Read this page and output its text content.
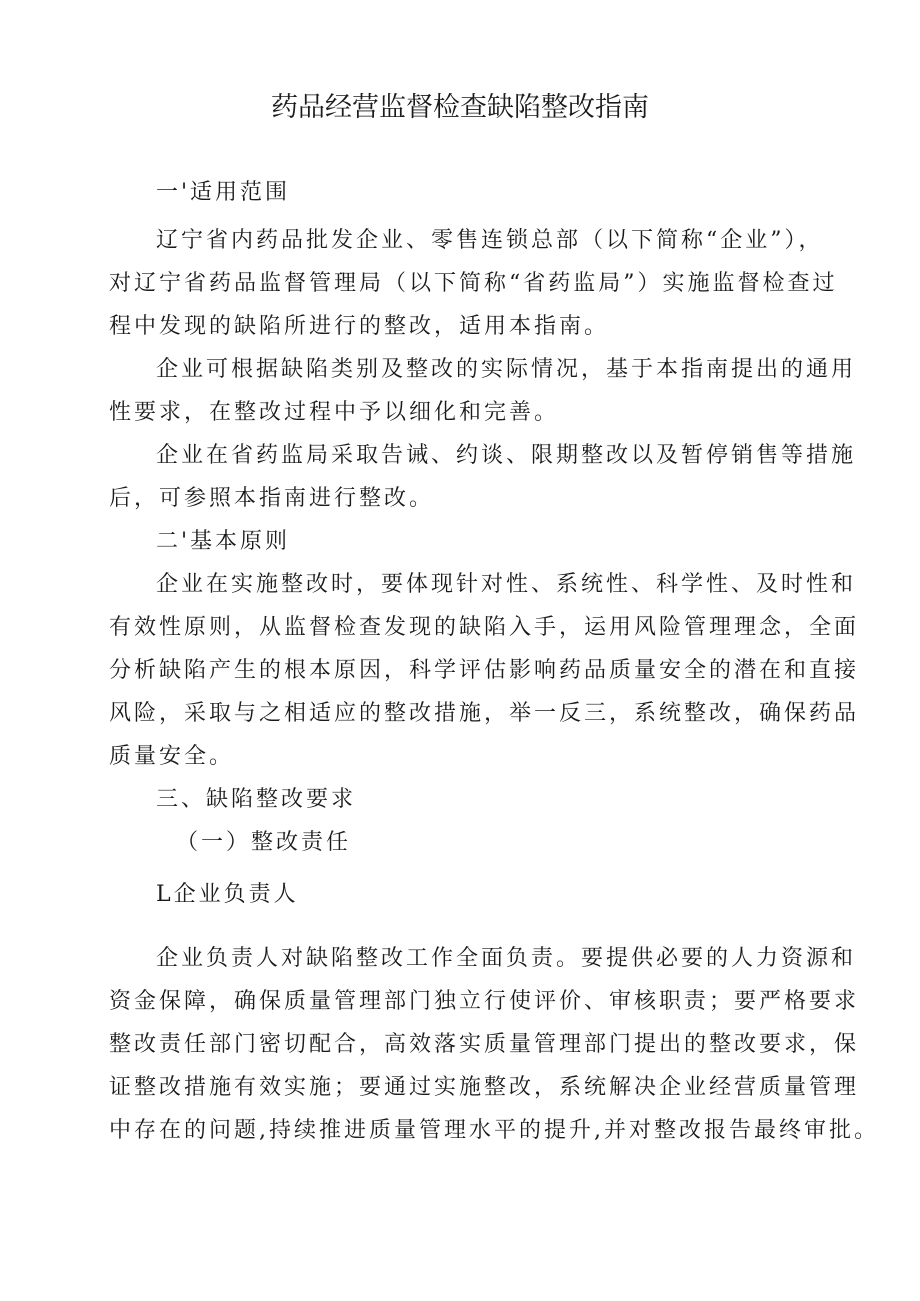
药品经营监督检查缺陷整改指南
一'适用范围
辽宁省内药品批发企业、零售连锁总部（以下简称“企业”），
对辽宁省药品监督管理局（以下简称“省药监局”）实施监督检查过
程中发现的缺陷所进行的整改，适用本指南。
企业可根据缺陷类别及整改的实际情况，基于本指南提出的通用
性要求，在整改过程中予以细化和完善。
企业在省药监局采取告诫、约谈、限期整改以及暂停销售等措施
后，可参照本指南进行整改。
二'基本原则
企业在实施整改时，要体现针对性、系统性、科学性、及时性和
有效性原则，从监督检查发现的缺陷入手，运用风险管理理念，全面
分析缺陷产生的根本原因，科学评估影响药品质量安全的潜在和直接
风险，采取与之相适应的整改措施，举一反三，系统整改，确保药品
质量安全。
三、缺陷整改要求
（一）整改责任
L企业负责人
企业负责人对缺陷整改工作全面负责。要提供必要的人力资源和
资金保障，确保质量管理部门独立行使评价、审核职责；要严格要求
整改责任部门密切配合，高效落实质量管理部门提出的整改要求，保
证整改措施有效实施；要通过实施整改，系统解决企业经营质量管理
中存在的问题,持续推进质量管理水平的提升,并对整改报告最终审批。
